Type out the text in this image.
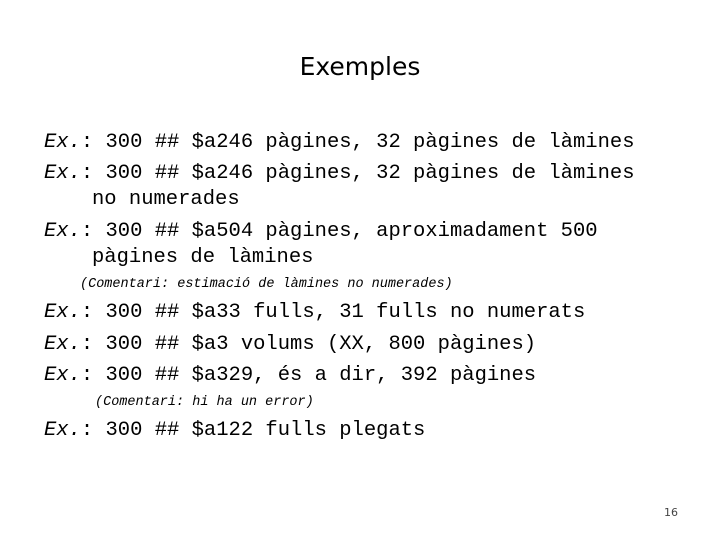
Exemples
Ex.: 300 ## $a246 pàgines, 32 pàgines de làmines
Ex.: 300 ## $a246 pàgines, 32 pàgines de làmines
no numerades
Ex.: 300 ## $a504 pàgines, aproximadament 500
pàgines de làmines
(Comentari: estimació de làmines no numerades)
Ex.: 300 ## $a33 fulls, 31 fulls no numerats
Ex.: 300 ## $a3 volums (XX, 800 pàgines)
Ex.: 300 ## $a329, és a dir, 392 pàgines
(Comentari: hi ha un error)
Ex.: 300 ## $a122 fulls plegats
16
